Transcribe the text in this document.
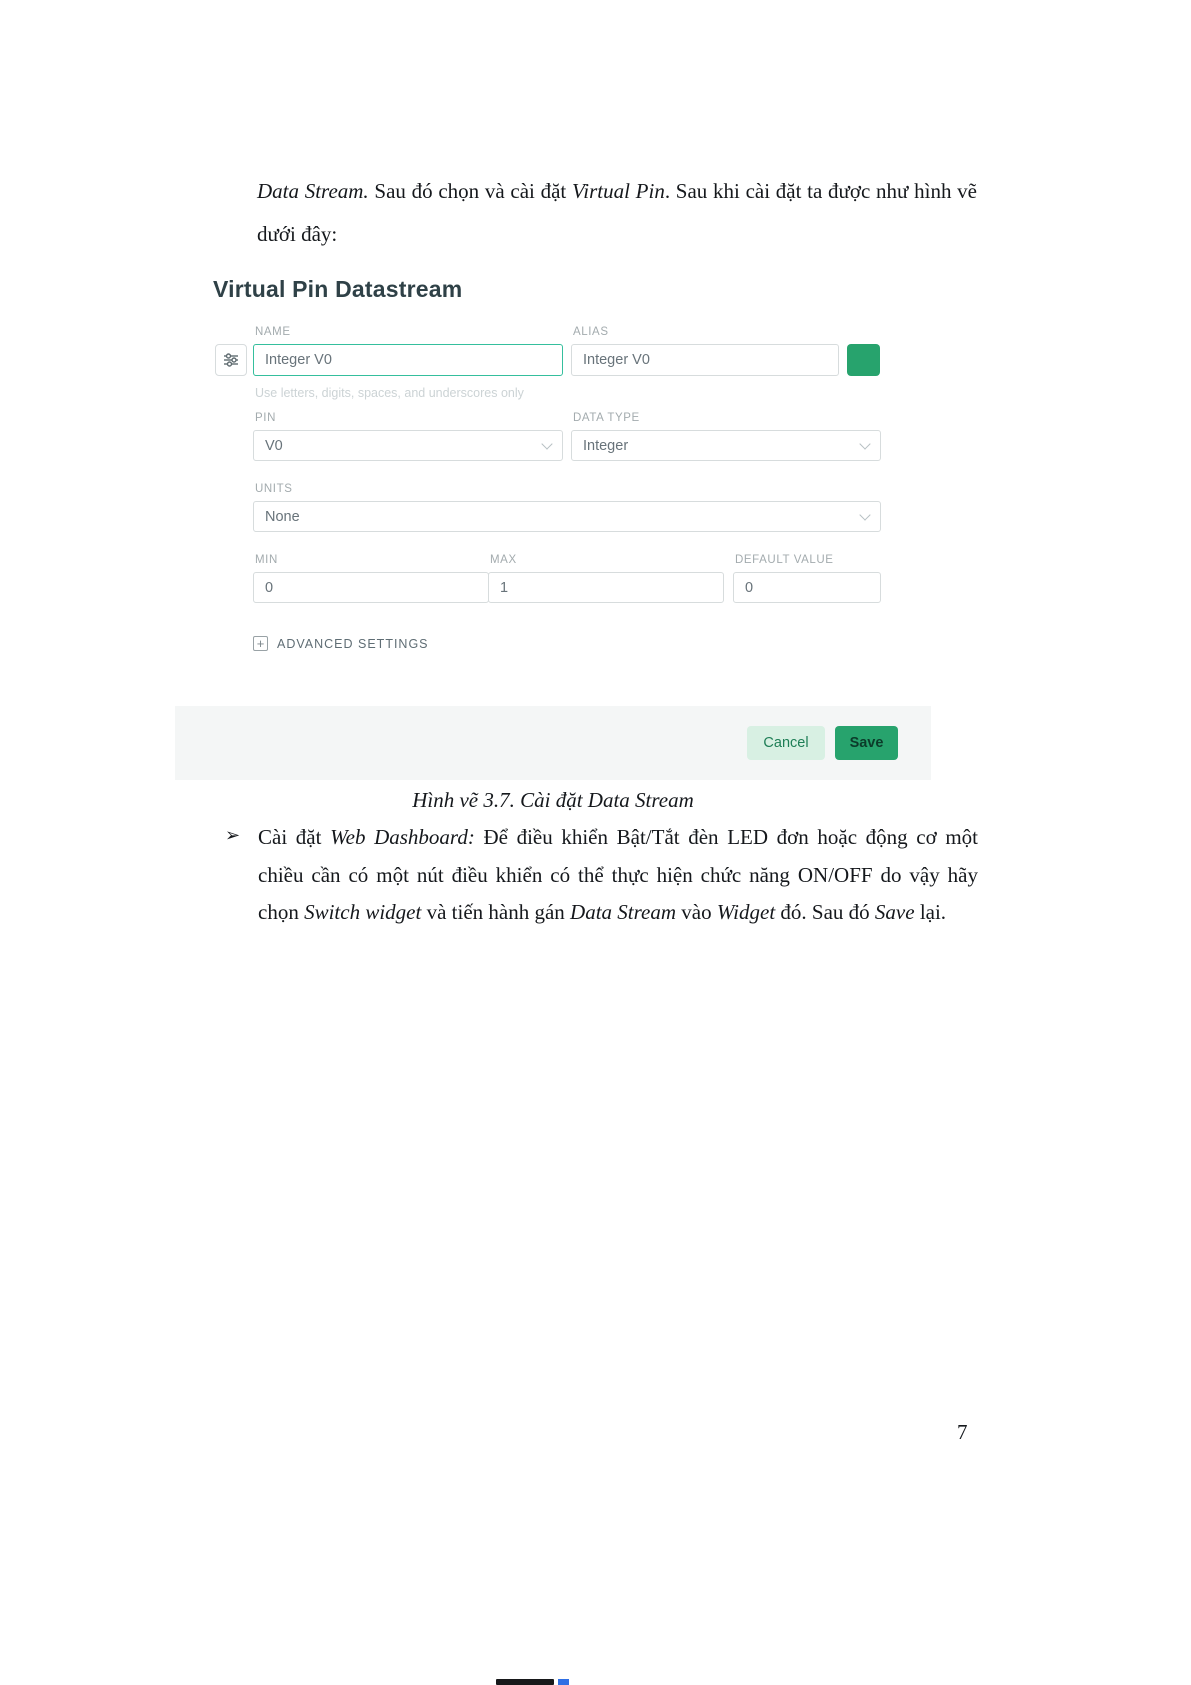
Data Stream. Sau đó chọn và cài đặt Virtual Pin. Sau khi cài đặt ta được như hình vẽ dưới đây:

Virtual Pin Datastream
NAME
Integer V0
Use letters, digits, spaces, and underscores only
ALIAS
Integer V0
PIN
V0
DATA TYPE
Integer
UNITS
None
MIN
0	MAX
1	DEFAULT VALUE
0
+ ADVANCED SETTINGS
Cancel	Save

Hình vẽ 3.7. Cài đặt Data Stream

➢ Cài đặt Web Dashboard: Để điều khiển Bật/Tắt đèn LED đơn hoặc động cơ một chiều cần có một nút điều khiển có thể thực hiện chức năng ON/OFF do vậy hãy chọn Switch widget và tiến hành gán Data Stream vào Widget đó. Sau đó Save lại.

7
